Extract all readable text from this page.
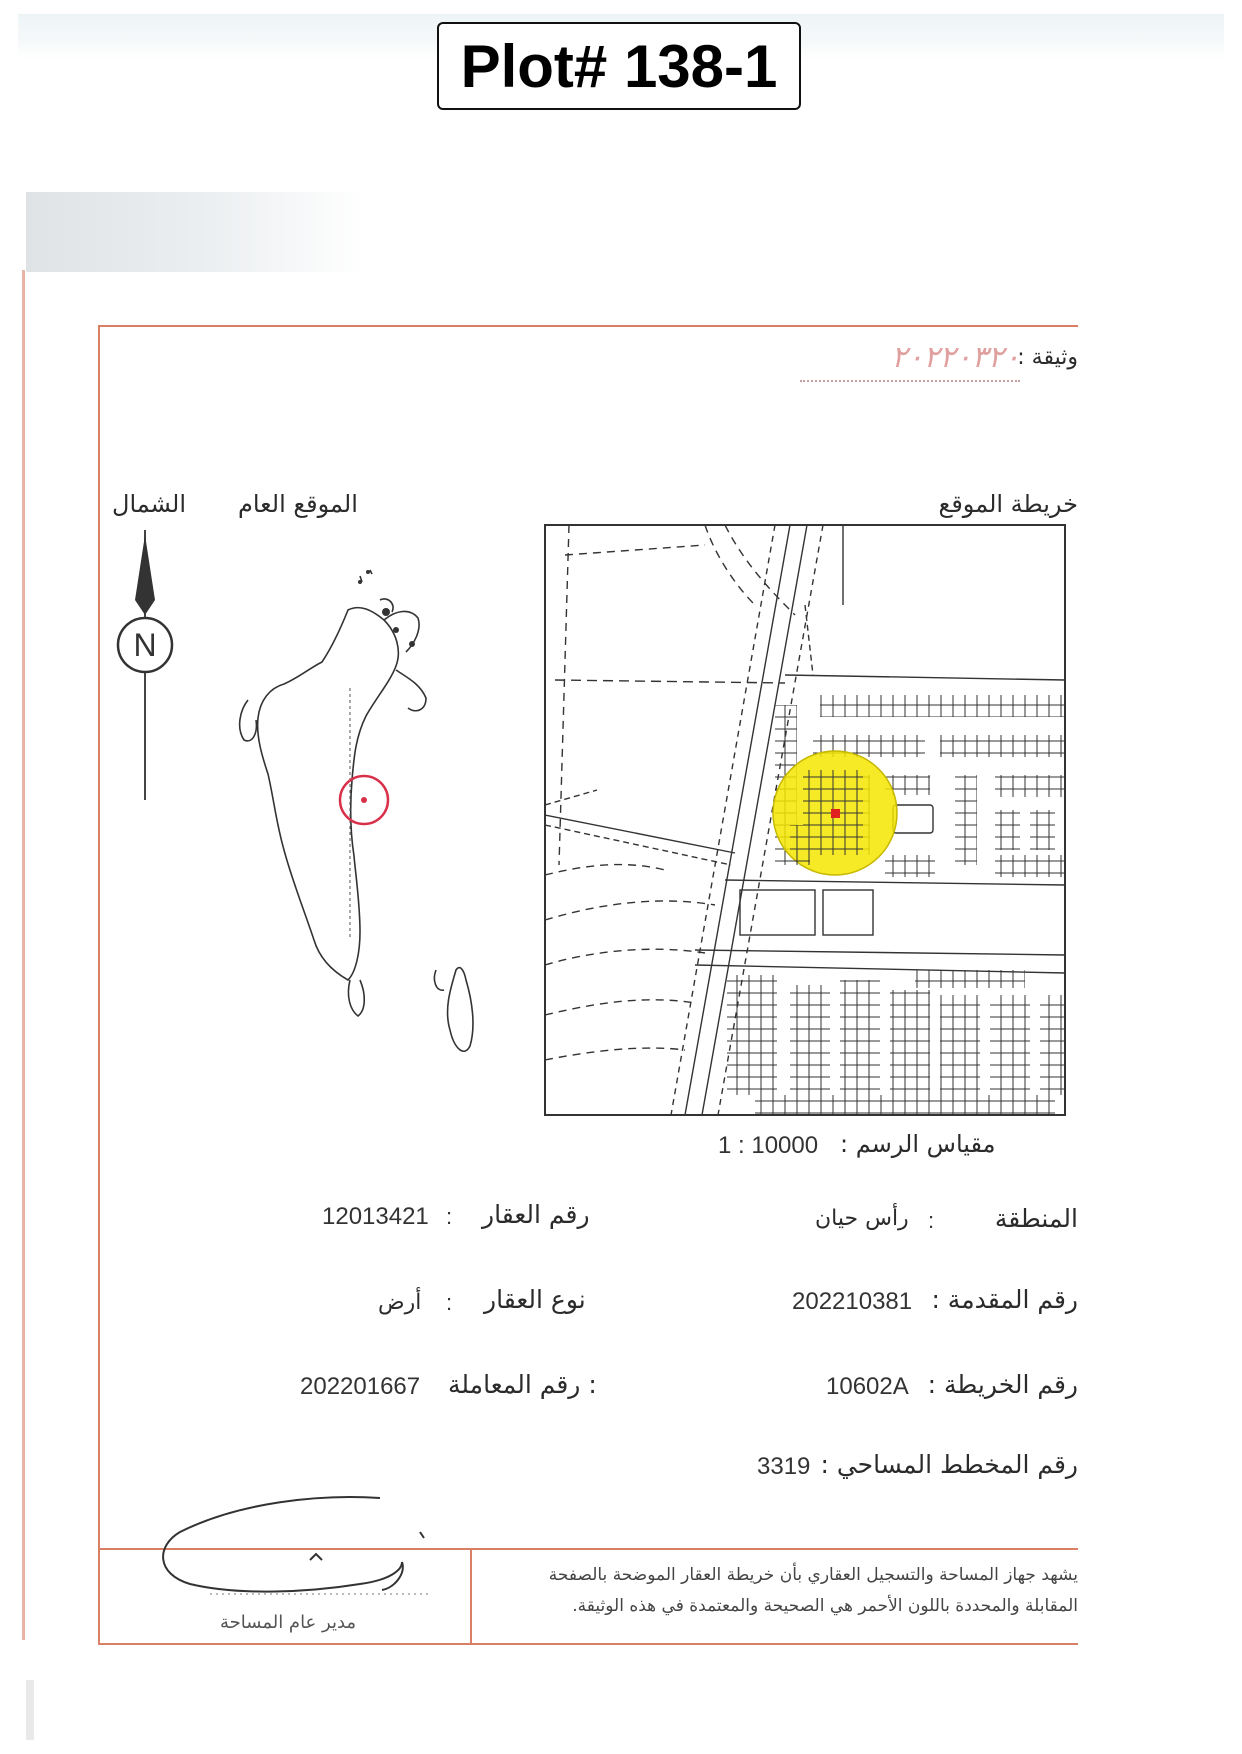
Plot# 138-1
٢٠٢٢٠٣٢٠
وثيقة :
الشمال الموقع العام	خريطة الموقع
N
مقياس الرسم :
1 : 10000
رقم العقار
:
12013421	المنطقة
:
رأس حيان
نوع العقار
:
أرض	رقم المقدمة :
202210381
رقم المعاملة :
202201667	رقم الخريطة :
10602A
رقم المخطط المساحي :
3319
يشهد جهاز المساحة والتسجيل العقاري بأن خريطة العقار الموضحة بالصفحة
المقابلة والمحددة باللون الأحمر هي الصحيحة والمعتمدة في هذه الوثيقة.
مدير عام المساحة
